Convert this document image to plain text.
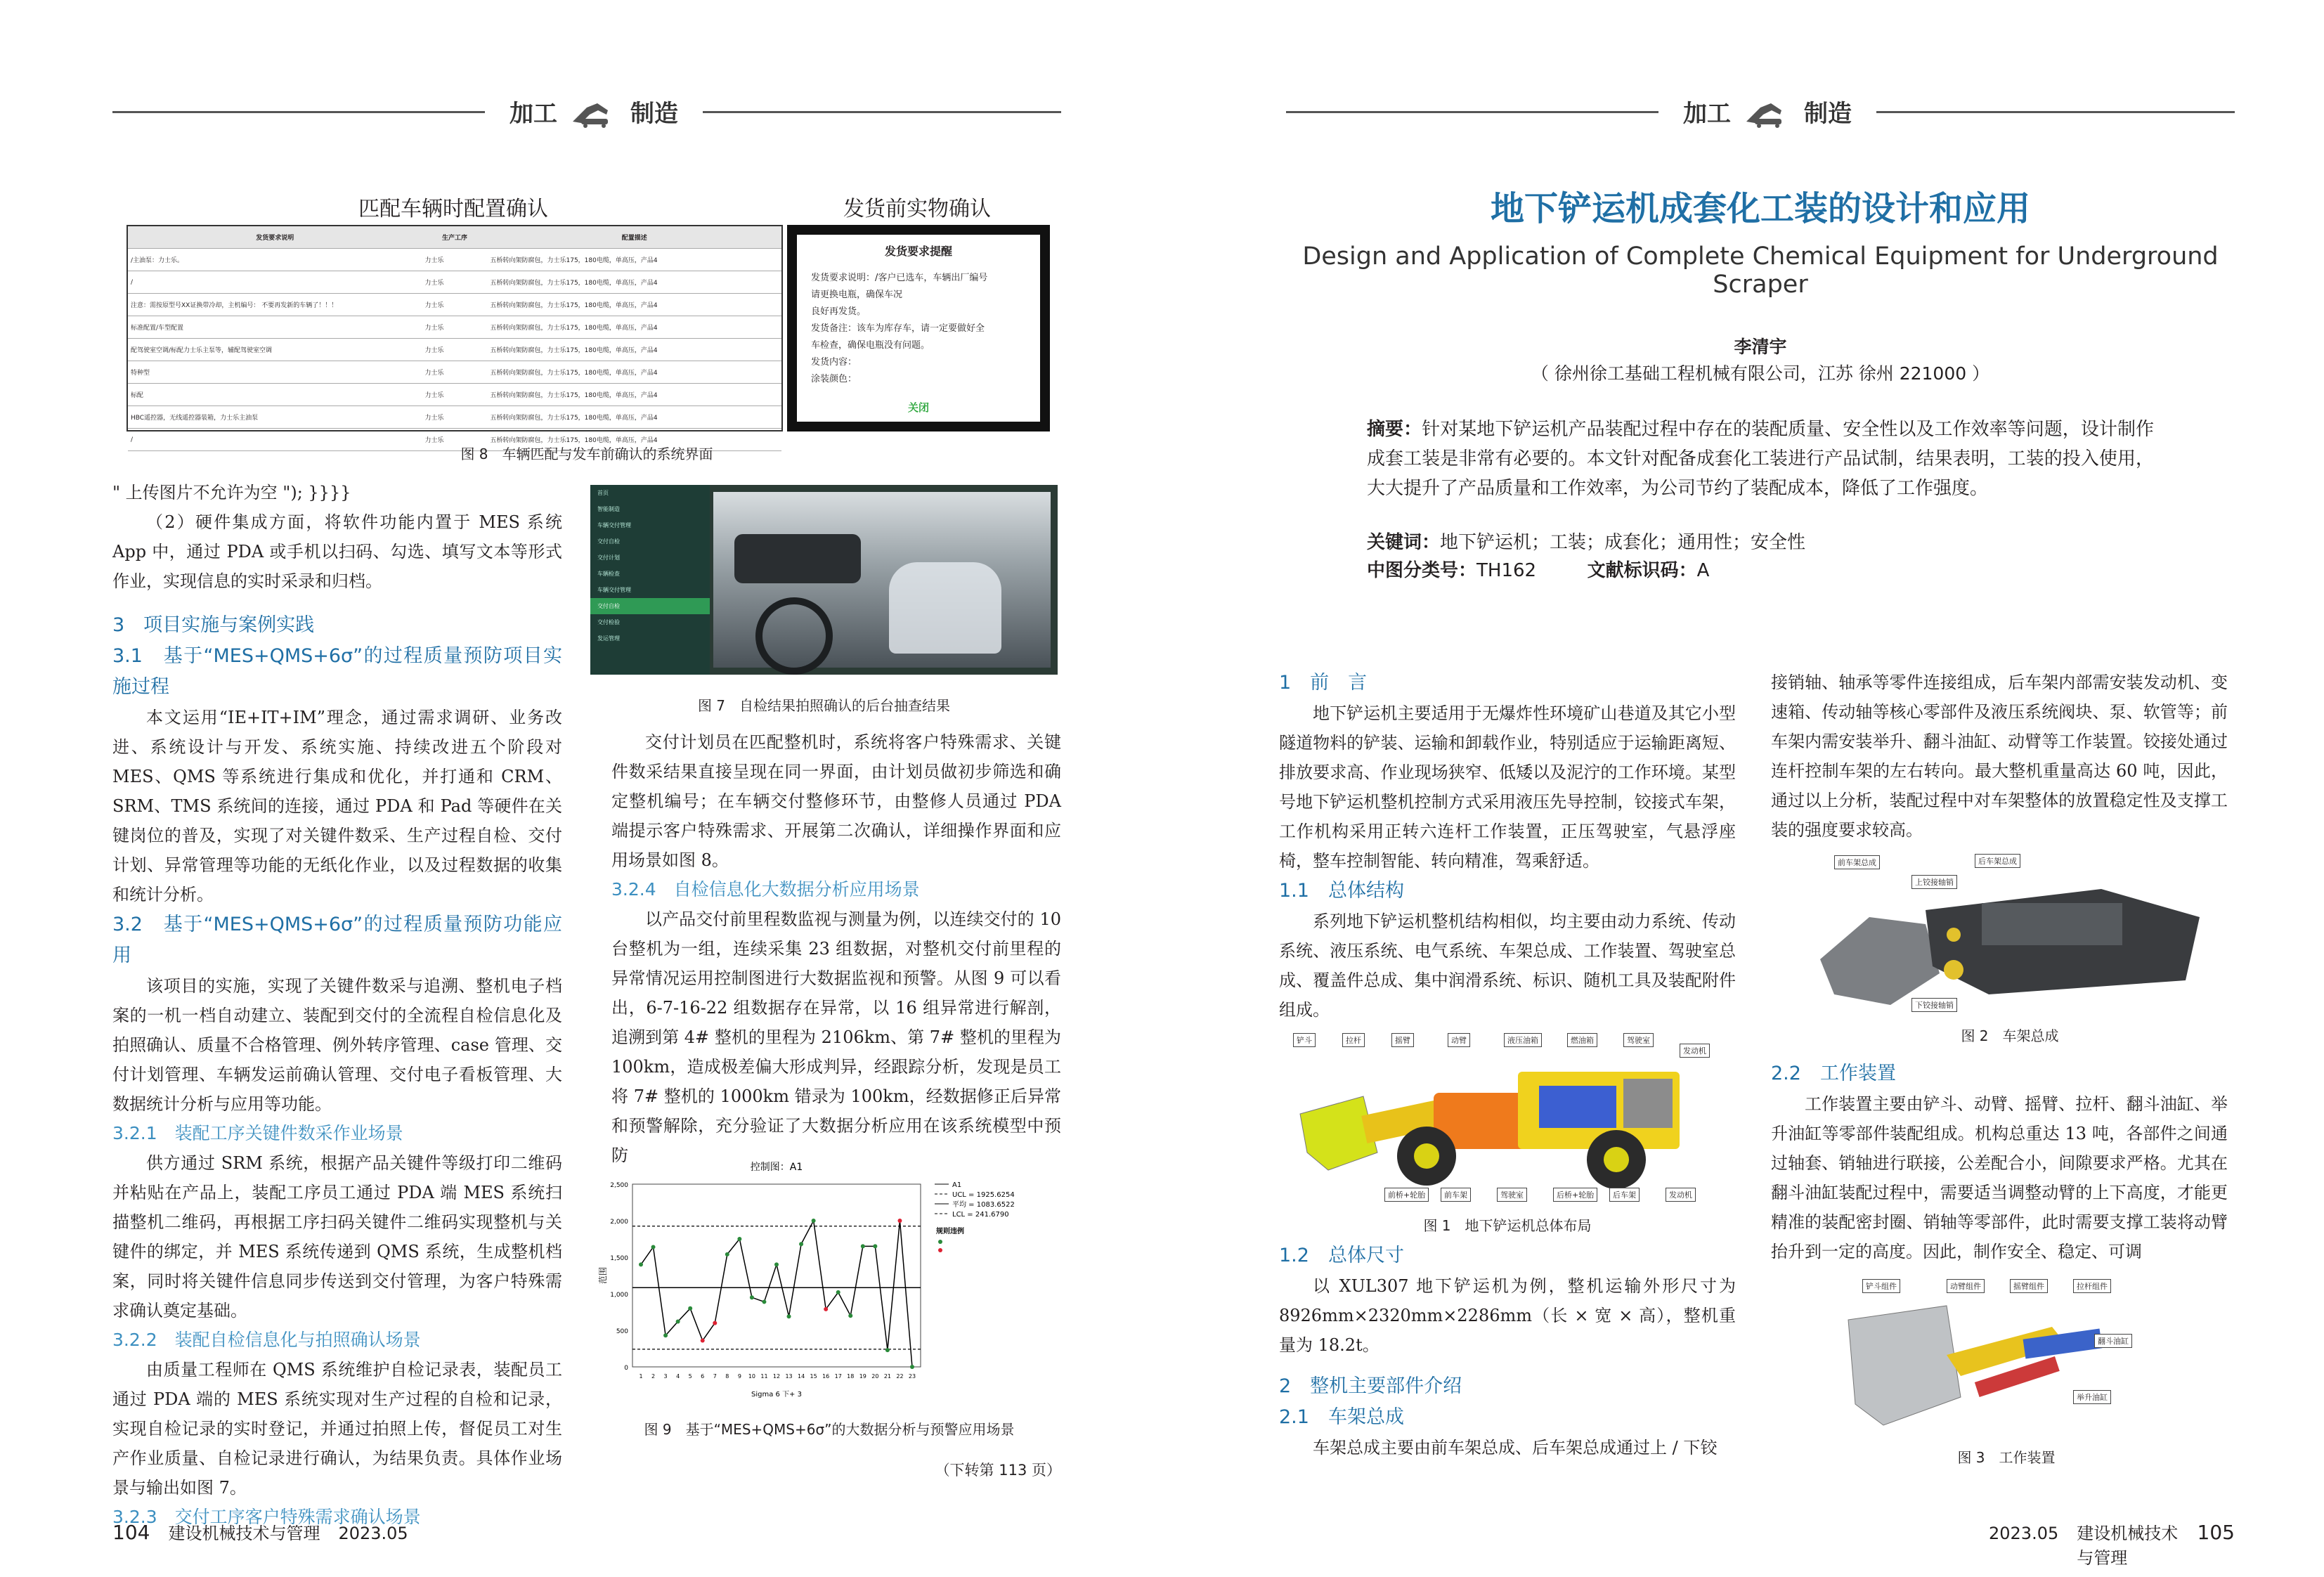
加工	制造
匹配车辆时配置确认	发货前实物确认
发货要求说明	生产工序	配置描述
/主油泵：力士乐。	力士乐	五桥转向架防腐包，力士乐175，180电缆，单高压，产品4
/	力士乐	五桥转向架防腐包，力士乐175，180电缆，单高压，产品4
注意：需按原型号XX证换带冷却，主机编号： 不要再发新的车辆了！！！	力士乐	五桥转向架防腐包，力士乐175，180电缆，单高压，产品4
标准配置/车型配置	力士乐	五桥转向架防腐包，力士乐175，180电缆，单高压，产品4
配驾驶室空调/标配力士乐主泵等，辅配驾驶室空调	力士乐	五桥转向架防腐包，力士乐175，180电缆，单高压，产品4
特种型	力士乐	五桥转向架防腐包，力士乐175，180电缆，单高压，产品4
标配	力士乐	五桥转向架防腐包，力士乐175，180电缆，单高压，产品4
HBC遥控器，无线遥控器装箱，力士乐主油泵	力士乐	五桥转向架防腐包，力士乐175，180电缆，单高压，产品4
/	力士乐	五桥转向架防腐包，力士乐175，180电缆，单高压，产品4
发货要求提醒
发货要求说明：/客户已选车，车辆出厂编号
请更换电瓶，确保车况
良好再发货。
发货备注：该车为库存车，请一定要做好全
车检查，确保电瓶没有问题。
发货内容：
涂装颜色：
关闭
图 8　车辆匹配与发车前确认的系统界面
" 上传图片不允许为空 "); }}}}

（2）硬件集成方面，将软件功能内置于 MES 系统 App 中，通过 PDA 或手机以扫码、勾选、填写文本等形式作业，实现信息的实时采录和归档。

3　项目实施与案例实践
3.1　基于“MES+QMS+6σ”的过程质量预防项目实施过程

本文运用“IE+IT+IM”理念，通过需求调研、业务改进、系统设计与开发、系统实施、持续改进五个阶段对 MES、QMS 等系统进行集成和优化，并打通和 CRM、SRM、TMS 系统间的连接，通过 PDA 和 Pad 等硬件在关键岗位的普及，实现了对关键件数采、生产过程自检、交付计划、异常管理等功能的无纸化作业，以及过程数据的收集和统计分析。

3.2　基于“MES+QMS+6σ”的过程质量预防功能应用

该项目的实施，实现了关键件数采与追溯、整机电子档案的一机一档自动建立、装配到交付的全流程自检信息化及拍照确认、质量不合格管理、例外转序管理、case 管理、交付计划管理、车辆发运前确认管理、交付电子看板管理、大数据统计分析与应用等功能。

3.2.1　装配工序关键件数采作业场景

供方通过 SRM 系统，根据产品关键件等级打印二维码并粘贴在产品上，装配工序员工通过 PDA 端 MES 系统扫描整机二维码，再根据工序扫码关键件二维码实现整机与关键件的绑定，并 MES 系统传递到 QMS 系统，生成整机档案，同时将关键件信息同步传送到交付管理，为客户特殊需求确认奠定基础。

3.2.2　装配自检信息化与拍照确认场景

由质量工程师在 QMS 系统维护自检记录表，装配员工通过 PDA 端的 MES 系统实现对生产过程的自检和记录，实现自检记录的实时登记，并通过拍照上传，督促员工对生产作业质量、自检记录进行确认，为结果负责。具体作业场景与输出如图 7。

3.2.3　交付工序客户特殊需求确认场景
首页
智能制造
车辆交付管理
交付自检
交付计划
车辆检查
车辆交付管理
交付自检
交付检验
发运管理
图 7　自检结果拍照确认的后台抽查结果

交付计划员在匹配整机时，系统将客户特殊需求、关键件数采结果直接呈现在同一界面，由计划员做初步筛选和确定整机编号；在车辆交付整修环节，由整修人员通过 PDA 端提示客户特殊需求、开展第二次确认，详细操作界面和应用场景如图 8。

3.2.4　自检信息化大数据分析应用场景

以产品交付前里程数监视与测量为例，以连续交付的 10 台整机为一组，连续采集 23 组数据，对整机交付前里程的异常情况运用控制图进行大数据监视和预警。从图 9 可以看出，6-7-16-22 组数据存在异常，以 16 组异常进行解剖，追溯到第 4# 整机的里程为 2106km、第 7# 整机的里程为 100km，造成极差偏大形成判异，经跟踪分析，发现是员工将 7# 整机的 1000km 错录为 100km，经数据修正后异常和预警解除，充分验证了大数据分析应用在该系统模型中预防

控制图：A1
0
500
1,000
1,500
2,000
2,500
范围
1 2 3 4 5 6 7 8 9 10 11 12 13 14 15 16 17 18 19 20 21 22 23
Sigma 6 下+ 3
A1
UCL = 1925.6254
平均 = 1083.6522
LCL = 241.6790
规则违例
图 9　基于“MES+QMS+6σ”的大数据分析与预警应用场景
（下转第 113 页）
104 建设机械技术与管理 2023.05
加工	制造
地下铲运机成套化工装的设计和应用
Design and Application of Complete Chemical Equipment for Underground Scraper
李清宇
（ 徐州徐工基础工程机械有限公司，江苏 徐州 221000 ）
摘要：针对某地下铲运机产品装配过程中存在的装配质量、安全性以及工作效率等问题，设计制作成套工装是非常有必要的。本文针对配备成套化工装进行产品试制，结果表明，工装的投入使用，大大提升了产品质量和工作效率，为公司节约了装配成本，降低了工作强度。
关键词：地下铲运机；工装；成套化；通用性；安全性
中图分类号：TH162	文献标识码：A
1　前　言

地下铲运机主要适用于无爆炸性环境矿山巷道及其它小型隧道物料的铲装、运输和卸载作业，特别适应于运输距离短、排放要求高、作业现场狭窄、低矮以及泥泞的工作环境。某型号地下铲运机整机控制方式采用液压先导控制，铰接式车架，工作机构采用正转六连杆工作装置，正压驾驶室，气悬浮座椅，整车控制智能、转向精准，驾乘舒适。

1.1　总体结构

系列地下铲运机整机结构相似，均主要由动力系统、传动系统、液压系统、电气系统、车架总成、工作装置、驾驶室总成、覆盖件总成、集中润滑系统、标识、随机工具及装配附件组成。

铲斗	拉杆	摇臂	动臂	液压油箱	燃油箱	驾驶室
发动机
前桥+轮胎	前车架	驾驶室	后桥+轮胎	后车架	发动机
图 1　地下铲运机总体布局
1.2　总体尺寸

以 XUL307 地下铲运机为例，整机运输外形尺寸为 8926mm×2320mm×2286mm（长 × 宽 × 高），整机重量为 18.2t。

2　整机主要部件介绍
2.1　车架总成

车架总成主要由前车架总成、后车架总成通过上 / 下铰

接销轴、轴承等零件连接组成，后车架内部需安装发动机、变速箱、传动轴等核心零部件及液压系统阀块、泵、软管等；前车架内需安装举升、翻斗油缸、动臂等工作装置。铰接处通过连杆控制车架的左右转向。最大整机重量高达 60 吨，因此，通过以上分析，装配过程中对车架整体的放置稳定性及支撑工装的强度要求较高。

前车架总成	后车架总成
上铰接轴销
下铰接轴销
图 2　车架总成
2.2　工作装置

工作装置主要由铲斗、动臂、摇臂、拉杆、翻斗油缸、举升油缸等零部件装配组成。机构总重达 13 吨，各部件之间通过轴套、销轴进行联接，公差配合小，间隙要求严格。尤其在翻斗油缸装配过程中，需要适当调整动臂的上下高度，才能更精准的装配密封圈、销轴等零部件，此时需要支撑工装将动臂抬升到一定的高度。因此，制作安全、稳定、可调

铲斗组件	动臂组件	摇臂组件	拉杆组件
翻斗油缸
举升油缸
图 3　工作装置
2023.05 建设机械技术与管理
105
